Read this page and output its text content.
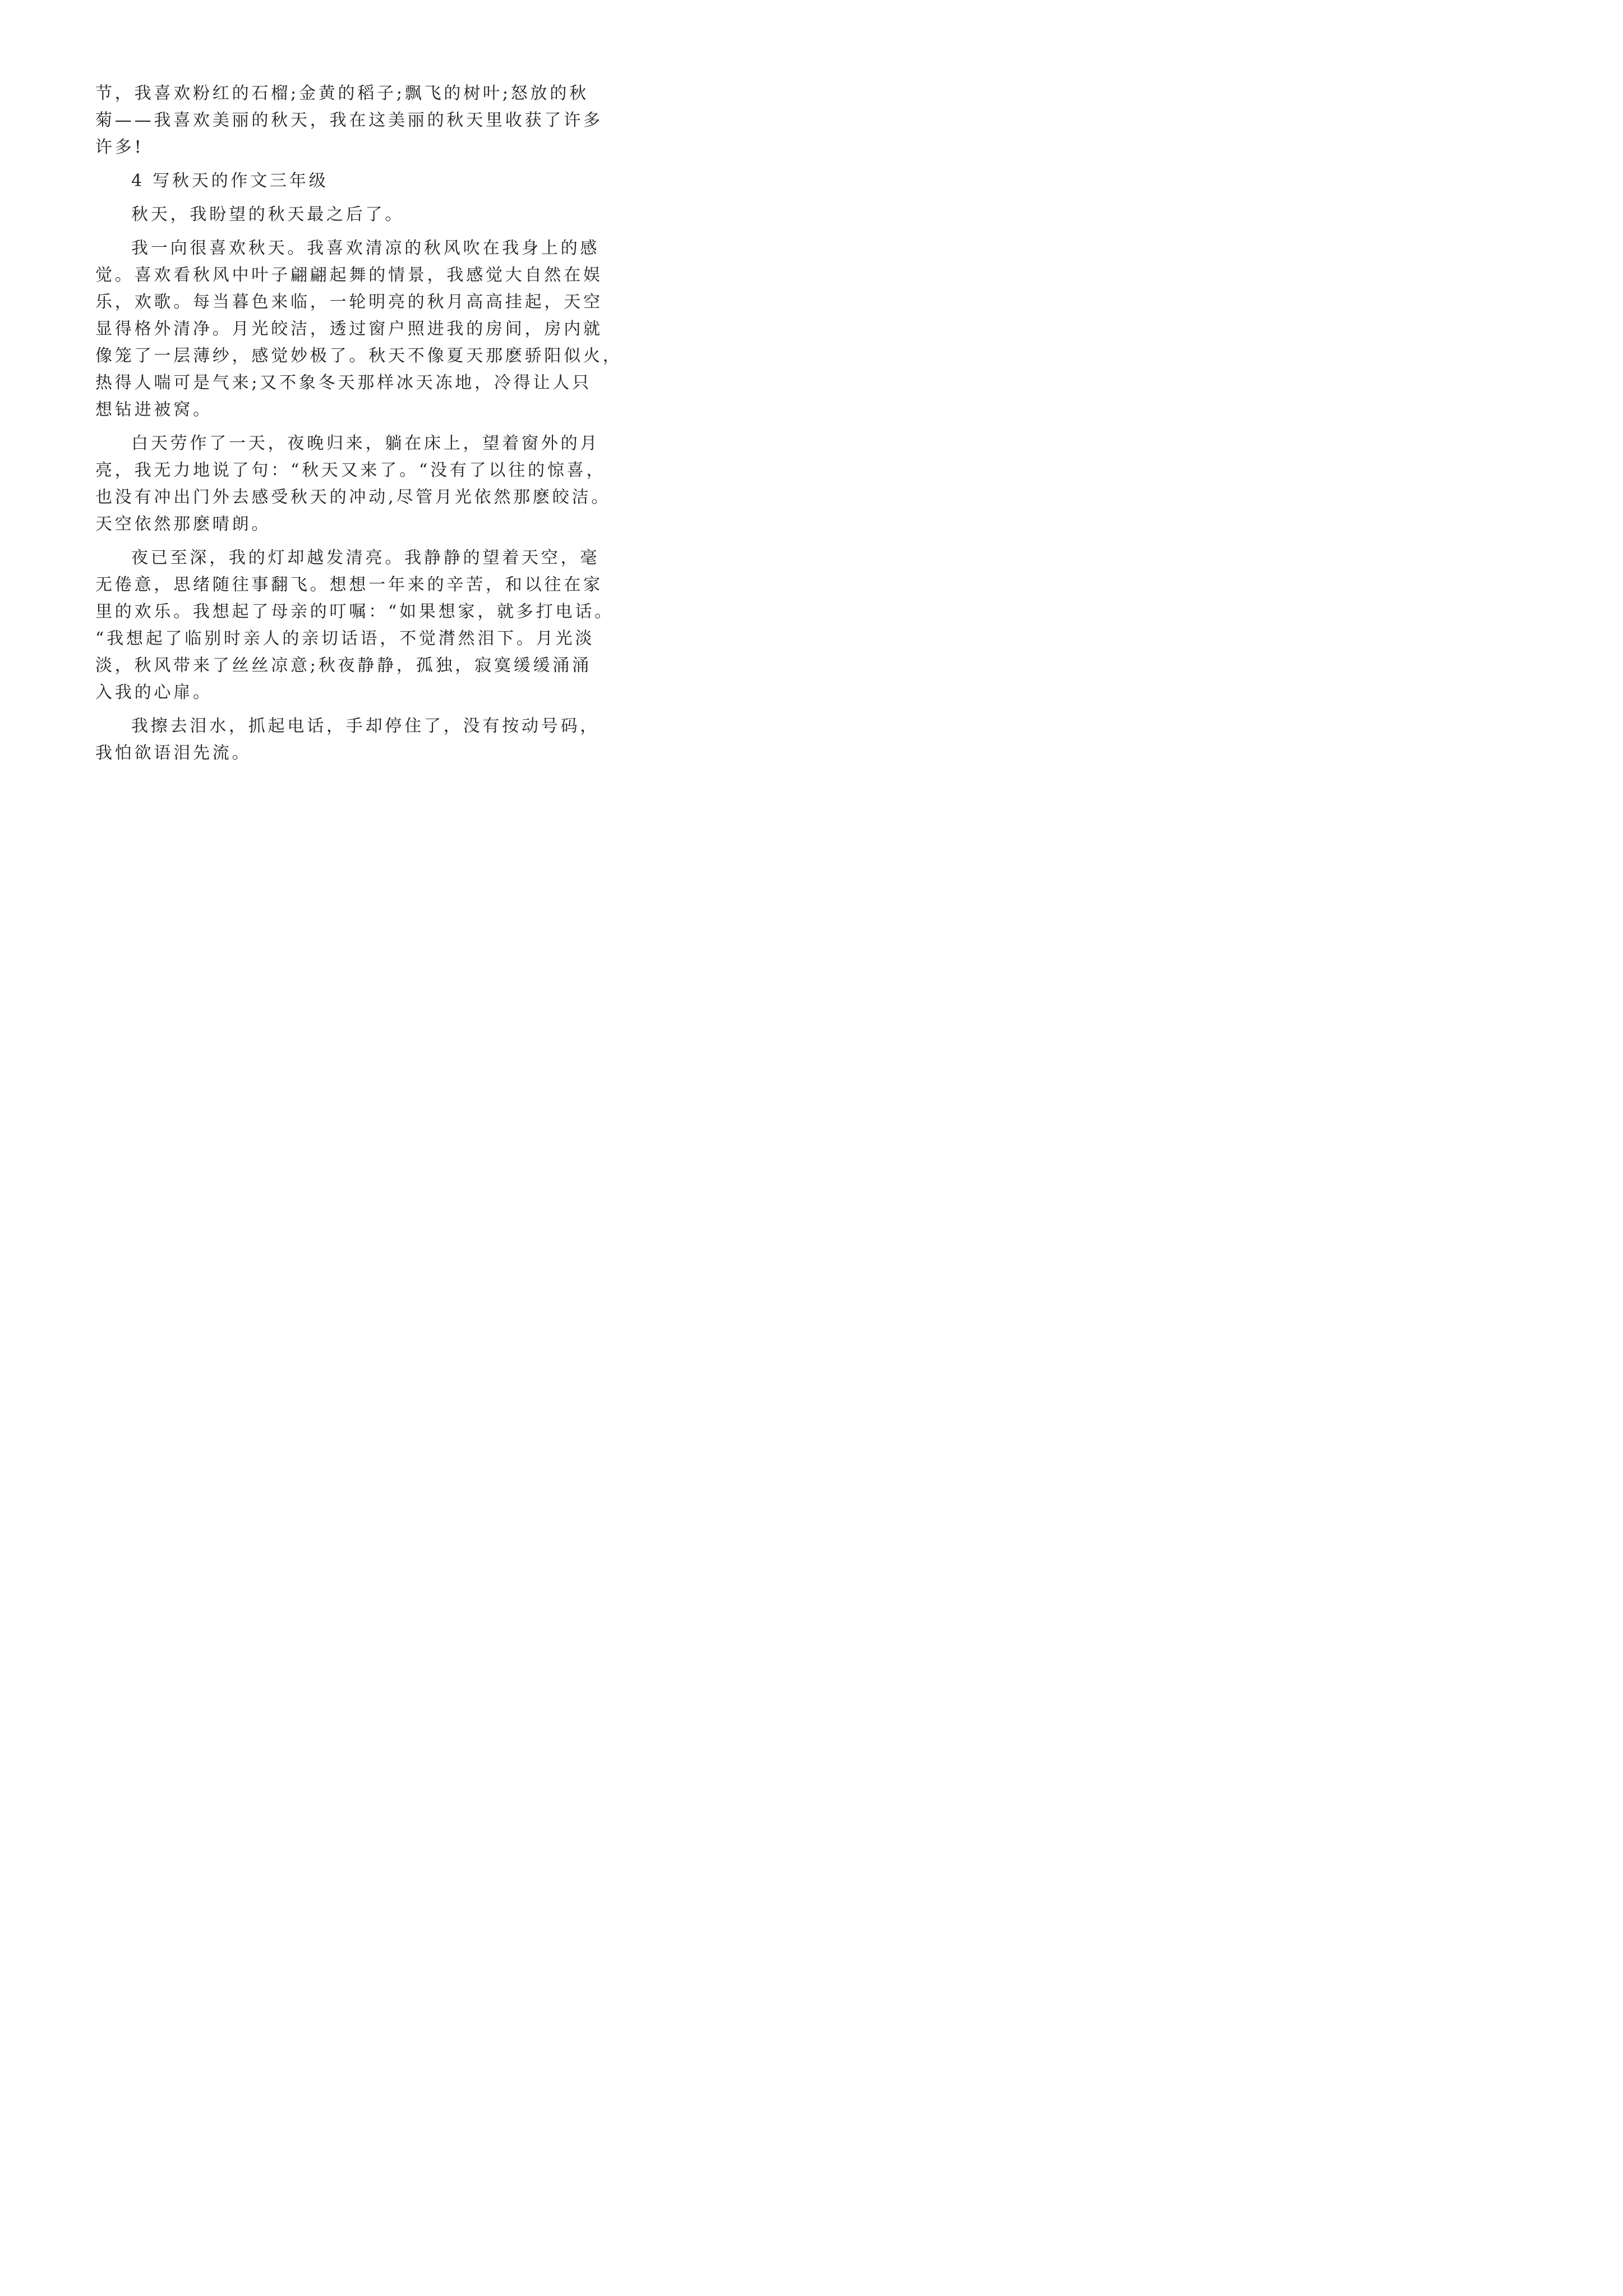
节，我喜欢粉红的石榴;金黄的稻子;飘飞的树叶;怒放的秋
菊——我喜欢美丽的秋天，我在这美丽的秋天里收获了许多
许多!
4 写秋天的作文三年级
秋天，我盼望的秋天最之后了。
我一向很喜欢秋天。我喜欢清凉的秋风吹在我身上的感
觉。喜欢看秋风中叶子翩翩起舞的情景，我感觉大自然在娱
乐，欢歌。每当暮色来临，一轮明亮的秋月高高挂起，天空
显得格外清净。月光皎洁，透过窗户照进我的房间，房内就
像笼了一层薄纱，感觉妙极了。秋天不像夏天那麽骄阳似火，
热得人喘可是气来;又不象冬天那样冰天冻地，冷得让人只
想钻进被窝。
白天劳作了一天，夜晚归来，躺在床上，望着窗外的月
亮，我无力地说了句：“秋天又来了。“没有了以往的惊喜，
也没有冲出门外去感受秋天的冲动,尽管月光依然那麽皎洁。
天空依然那麽晴朗。
夜已至深，我的灯却越发清亮。我静静的望着天空，毫
无倦意，思绪随往事翻飞。想想一年来的辛苦，和以往在家
里的欢乐。我想起了母亲的叮嘱：“如果想家，就多打电话。
“我想起了临别时亲人的亲切话语，不觉潸然泪下。月光淡
淡，秋风带来了丝丝凉意;秋夜静静，孤独，寂寞缓缓涌涌
入我的心扉。
我擦去泪水，抓起电话，手却停住了，没有按动号码，
我怕欲语泪先流。
